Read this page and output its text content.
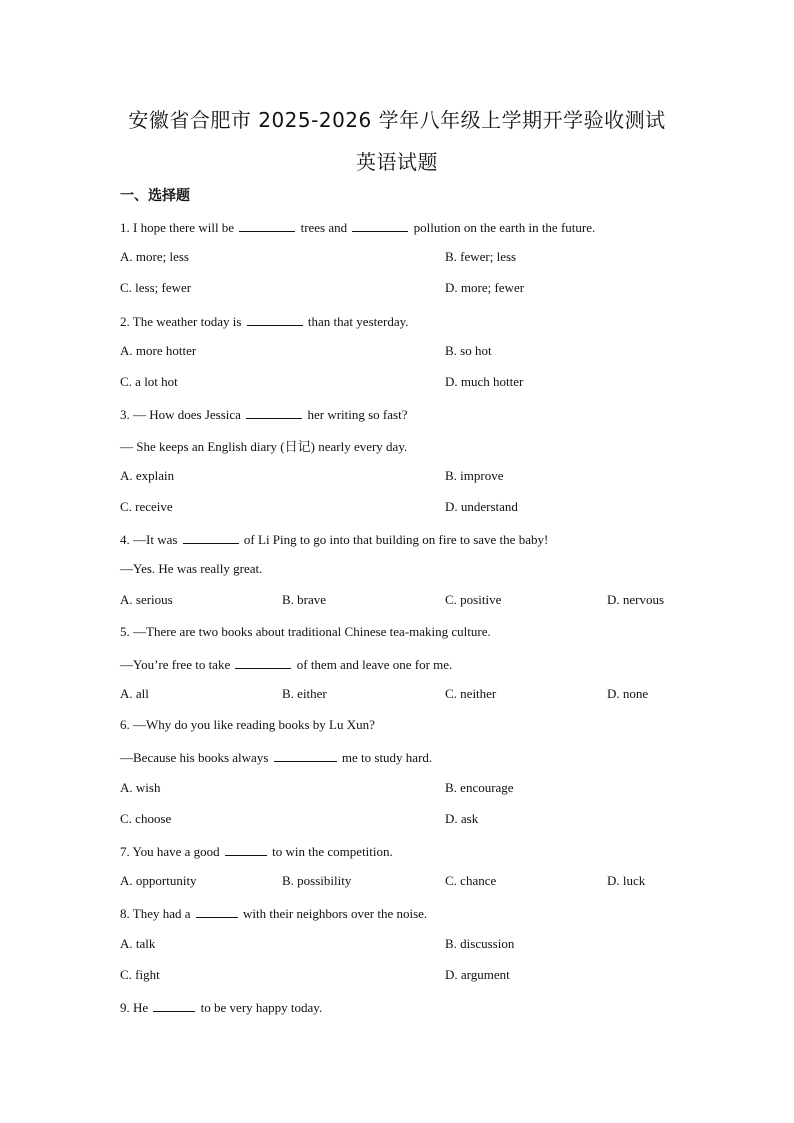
安徽省合肥市 2025-2026 学年八年级上学期开学验收测试
英语试题
一、选择题
1. I hope there will be	trees and	pollution on the earth in the future.
A. more; less	B. fewer; less
C. less; fewer	D. more; fewer
2. The weather today is	than that yesterday.
A. more hotter	B. so hot
C. a lot hot	D. much hotter
3. — How does Jessica	her writing so fast?
— She keeps an English diary (日记) nearly every day.
A. explain	B. improve
C. receive	D. understand
4. —It was	of Li Ping to go into that building on fire to save the baby!
—Yes. He was really great.
A. serious	B. brave	C. positive	D. nervous
5. —There are two books about traditional Chinese tea-making culture.
—You’re free to take	of them and leave one for me.
A. all	B. either	C. neither	D. none
6. —Why do you like reading books by Lu Xun?
—Because his books always	me to study hard.
A. wish	B. encourage
C. choose	D. ask
7. You have a good	to win the competition.
A. opportunity	B. possibility	C. chance	D. luck
8. They had a	with their neighbors over the noise.
A. talk	B. discussion
C. fight	D. argument
9. He	to be very happy today.
